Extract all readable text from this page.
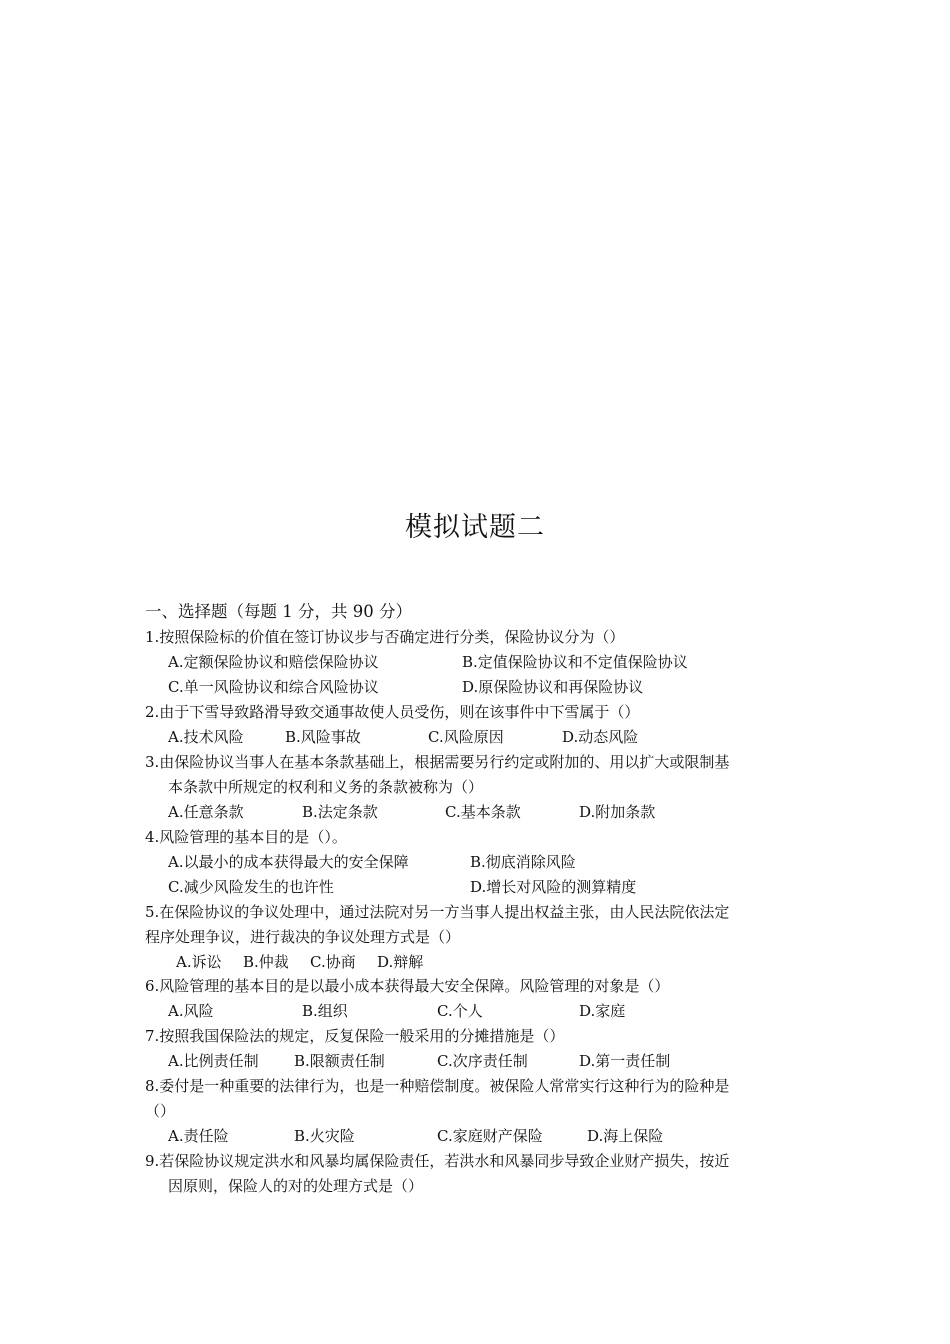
模拟试题二
一、选择题（每题 1 分，共 90 分）
1.按照保险标的价值在签订协议步与否确定进行分类，保险协议分为（）
A.定额保险协议和赔偿保险协议	B.定值保险协议和不定值保险协议
C.单一风险协议和综合风险协议	D.原保险协议和再保险协议
2.由于下雪导致路滑导致交通事故使人员受伤，则在该事件中下雪属于（）
A.技术风险	B.风险事故	C.风险原因	D.动态风险
3.由保险协议当事人在基本条款基础上，根据需要另行约定或附加的、用以扩大或限制基
本条款中所规定的权利和义务的条款被称为（）
A.任意条款	B.法定条款	C.基本条款	D.附加条款
4.风险管理的基本目的是（）。
A.以最小的成本获得最大的安全保障	B.彻底消除风险
C.减少风险发生的也许性	D.增长对风险的测算精度
5.在保险协议的争议处理中，通过法院对另一方当事人提出权益主张，由人民法院依法定
程序处理争议，进行裁决的争议处理方式是（）
A.诉讼 B.仲裁 C.协商 D.辩解
6.风险管理的基本目的是以最小成本获得最大安全保障。风险管理的对象是（）
A.风险	B.组织	C.个人	D.家庭
7.按照我国保险法的规定，反复保险一般采用的分摊措施是（）
A.比例责任制 B.限额责任制	C.次序责任制	D.第一责任制
8.委付是一种重要的法律行为，也是一种赔偿制度。被保险人常常实行这种行为的险种是
（）
A.责任险	B.火灾险	C.家庭财产保险	D.海上保险
9.若保险协议规定洪水和风暴均属保险责任，若洪水和风暴同步导致企业财产损失，按近
因原则，保险人的对的处理方式是（）
